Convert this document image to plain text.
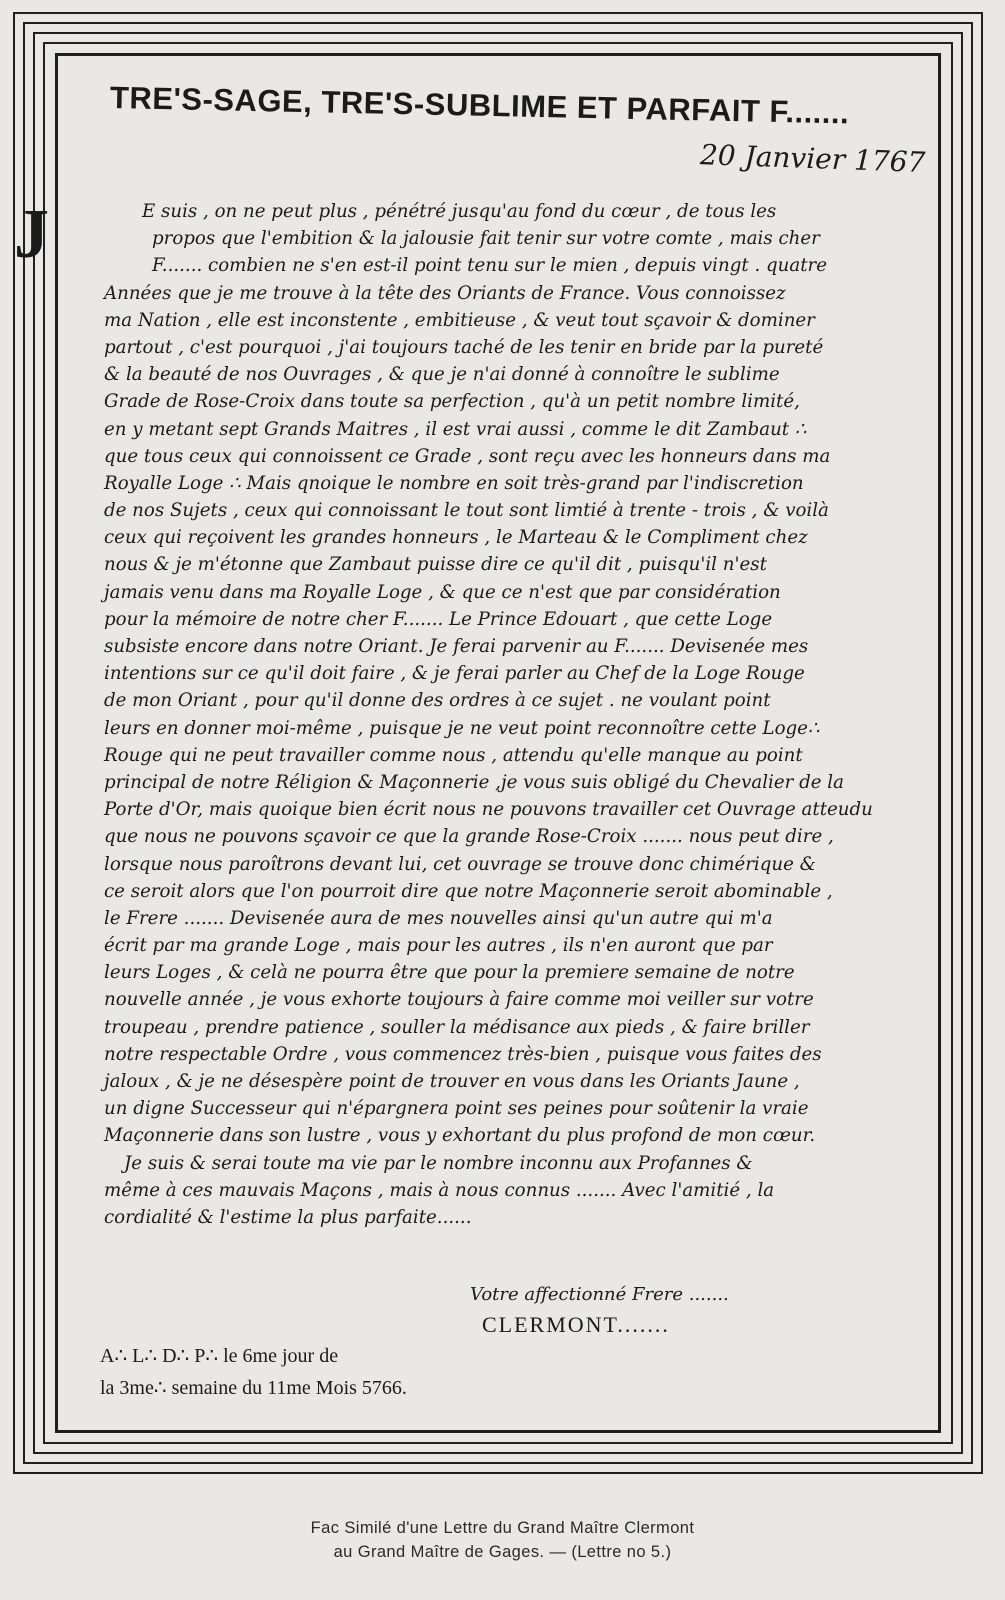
TRE'S-SAGE, TRE'S-SUBLIME ET PARFAIT F.......
20 Janvier 1767
J	E suis , on ne peut plus , pénétré jusqu'au fond du cœur , de tous les
propos que l'embition & la jalousie fait tenir sur votre comte , mais cher
F....... combien ne s'en est-il point tenu sur le mien , depuis vingt . quatre
Années que je me trouve à la tête des Oriants de France. Vous connoissez
ma Nation , elle est inconstente , embitieuse , & veut tout sçavoir & dominer
partout , c'est pourquoi , j'ai toujours taché de les tenir en bride par la pureté
& la beauté de nos Ouvrages , & que je n'ai donné à connoître le sublime
Grade de Rose-Croix dans toute sa perfection , qu'à un petit nombre limité,
en y metant sept Grands Maitres , il est vrai aussi , comme le dit Zambaut ∴
que tous ceux qui connoissent ce Grade , sont reçu avec les honneurs dans ma
Royalle Loge ∴ Mais qnoique le nombre en soit très-grand par l'indiscretion
de nos Sujets , ceux qui connoissant le tout sont limtié à trente - trois , & voilà
ceux qui reçoivent les grandes honneurs , le Marteau & le Compliment chez
nous & je m'étonne que Zambaut puisse dire ce qu'il dit , puisqu'il n'est
jamais venu dans ma Royalle Loge , & que ce n'est que par considération
pour la mémoire de notre cher F....... Le Prince Edouart , que cette Loge
subsiste encore dans notre Oriant. Je ferai parvenir au F....... Devisenée mes
intentions sur ce qu'il doit faire , & je ferai parler au Chef de la Loge Rouge
de mon Oriant , pour qu'il donne des ordres à ce sujet . ne voulant point
leurs en donner moi-même , puisque je ne veut point reconnoître cette Loge∴
Rouge qui ne peut travailler comme nous , attendu qu'elle manque au point
principal de notre Réligion & Maçonnerie ,je vous suis obligé du Chevalier de la
Porte d'Or, mais quoique bien écrit nous ne pouvons travailler cet Ouvrage atteudu
que nous ne pouvons sçavoir ce que la grande Rose-Croix ....... nous peut dire ,
lorsque nous paroîtrons devant lui, cet ouvrage se trouve donc chimérique &
ce seroit alors que l'on pourroit dire que notre Maçonnerie seroit abominable ,
le Frere ....... Devisenée aura de mes nouvelles ainsi qu'un autre qui m'a
écrit par ma grande Loge , mais pour les autres , ils n'en auront que par
leurs Loges , & celà ne pourra être que pour la premiere semaine de notre
nouvelle année , je vous exhorte toujours à faire comme moi veiller sur votre
troupeau , prendre patience , souller la médisance aux pieds , & faire briller
notre respectable Ordre , vous commencez très-bien , puisque vous faites des
jaloux , & je ne désespère point de trouver en vous dans les Oriants Jaune ,
un digne Successeur qui n'épargnera point ses peines pour soûtenir la vraie
Maçonnerie dans son lustre , vous y exhortant du plus profond de mon cœur.
Je suis & serai toute ma vie par le nombre inconnu aux Profannes &
même à ces mauvais Maçons , mais à nous connus ....... Avec l'amitié , la
cordialité & l'estime la plus parfaite......
Votre affectionné Frere .......
CLERMONT.......
A∴ L∴ D∴ P∴ le 6me jour de
la 3me∴ semaine du 11me Mois 5766.
Fac Similé d'une Lettre du Grand Maître Clermont
au Grand Maître de Gages. — (Lettre no 5.)
